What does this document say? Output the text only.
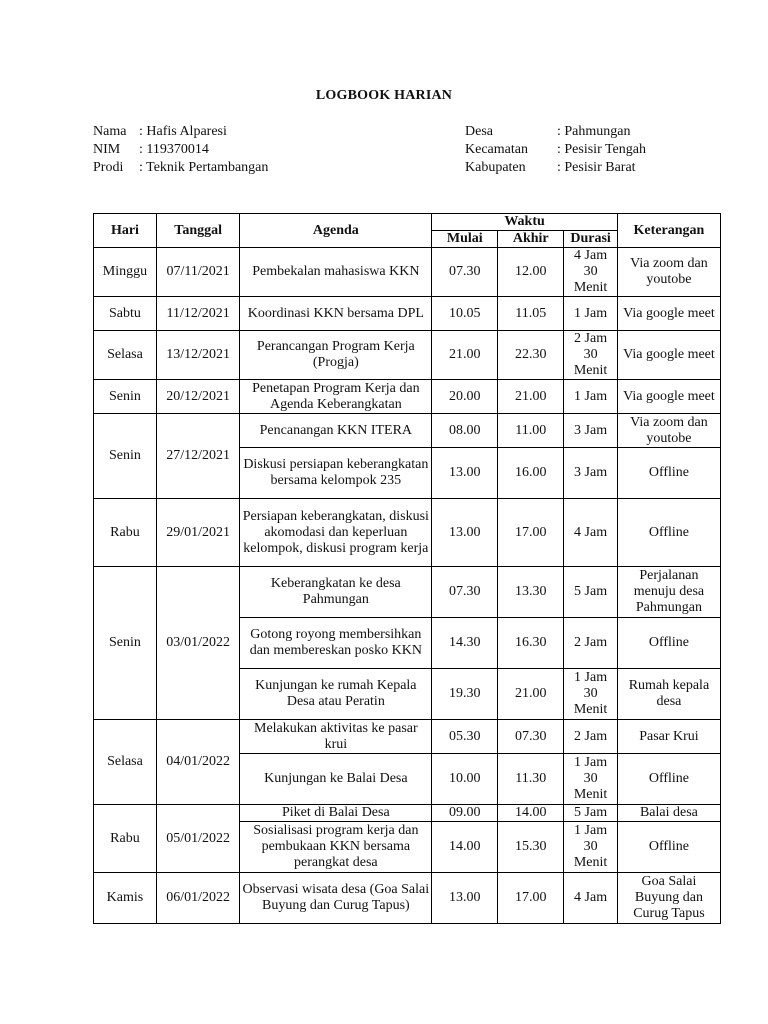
LOGBOOK HARIAN
Nama : Hafis Alparesi
NIM	: 119370014
Prodi	: Teknik Pertambangan
Desa	: Pahmungan
Kecamatan	: Pesisir Tengah
Kabupaten	: Pesisir Barat
Hari	Tanggal	Agenda	Waktu			Keterangan
			Mulai	Akhir	Durasi	
Minggu	07/11/2021	Pembekalan mahasiswa KKN	07.30	12.00	4 Jam 30 Menit	Via zoom dan youtobe
Sabtu	11/12/2021	Koordinasi KKN bersama DPL	10.05	11.05	1 Jam	Via google meet
Selasa	13/12/2021	Perancangan Program Kerja (Progja)	21.00	22.30	2 Jam 30 Menit	Via google meet
Senin	20/12/2021	Penetapan Program Kerja dan Agenda Keberangkatan	20.00	21.00	1 Jam	Via google meet
Senin	27/12/2021	Pencanangan KKN ITERA	08.00	11.00	3 Jam	Via zoom dan youtobe
		Diskusi persiapan keberangkatan bersama kelompok 235	13.00	16.00	3 Jam	Offline
Rabu	29/01/2021	Persiapan keberangkatan, diskusi akomodasi dan keperluan kelompok, diskusi program kerja	13.00	17.00	4 Jam	Offline
Senin	03/01/2022	Keberangkatan ke desa Pahmungan	07.30	13.30	5 Jam	Perjalanan menuju desa Pahmungan
		Gotong royong membersihkan dan membereskan posko KKN	14.30	16.30	2 Jam	Offline
		Kunjungan ke rumah Kepala Desa atau Peratin	19.30	21.00	1 Jam 30 Menit	Rumah kepala desa
Selasa	04/01/2022	Melakukan aktivitas ke pasar krui	05.30	07.30	2 Jam	Pasar Krui
		Kunjungan ke Balai Desa	10.00	11.30	1 Jam 30 Menit	Offline
Rabu	05/01/2022	Piket di Balai Desa	09.00	14.00	5 Jam	Balai desa
		Sosialisasi program kerja dan pembukaan KKN bersama perangkat desa	14.00	15.30	1 Jam 30 Menit	Offline
Kamis	06/01/2022	Observasi wisata desa (Goa Salai Buyung dan Curug Tapus)	13.00	17.00	4 Jam	Goa Salai Buyung dan Curug Tapus
